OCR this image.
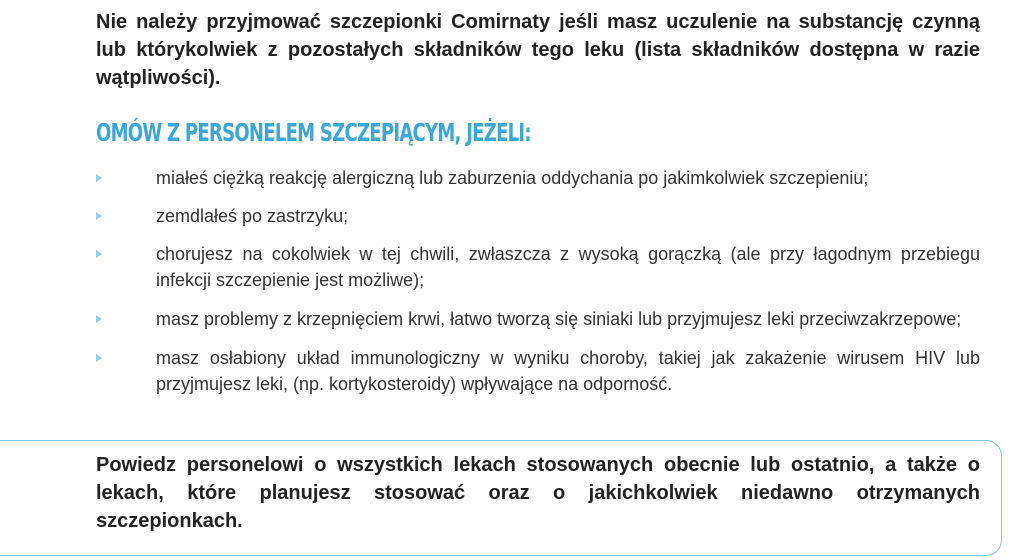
Nie należy przyjmować szczepionki Comirnaty jeśli masz uczulenie na substancję czynną lub którykolwiek z pozostałych składników tego leku (lista składników dostępna w razie wątpliwości).

OMÓW Z PERSONELEM SZCZEPIĄCYM, JEŻELI:
miałeś ciężką reakcję alergiczną lub zaburzenia oddychania po jakimkolwiek szczepieniu;
zemdlałeś po zastrzyku;
chorujesz na cokolwiek w tej chwili, zwłaszcza z wysoką gorączką (ale przy łagodnym przebiegu infekcji szczepienie jest możliwe);
masz problemy z krzepnięciem krwi, łatwo tworzą się siniaki lub przyjmujesz leki przeciwzakrzepowe;
masz osłabiony układ immunologiczny w wyniku choroby, takiej jak zakażenie wirusem HIV lub przyjmujesz leki, (np. kortykosteroidy) wpływające na odporność.

Powiedz personelowi o wszystkich lekach stosowanych obecnie lub ostatnio, a także o lekach, które planujesz stosować oraz o jakichkolwiek niedawno otrzymanych szczepionkach.
